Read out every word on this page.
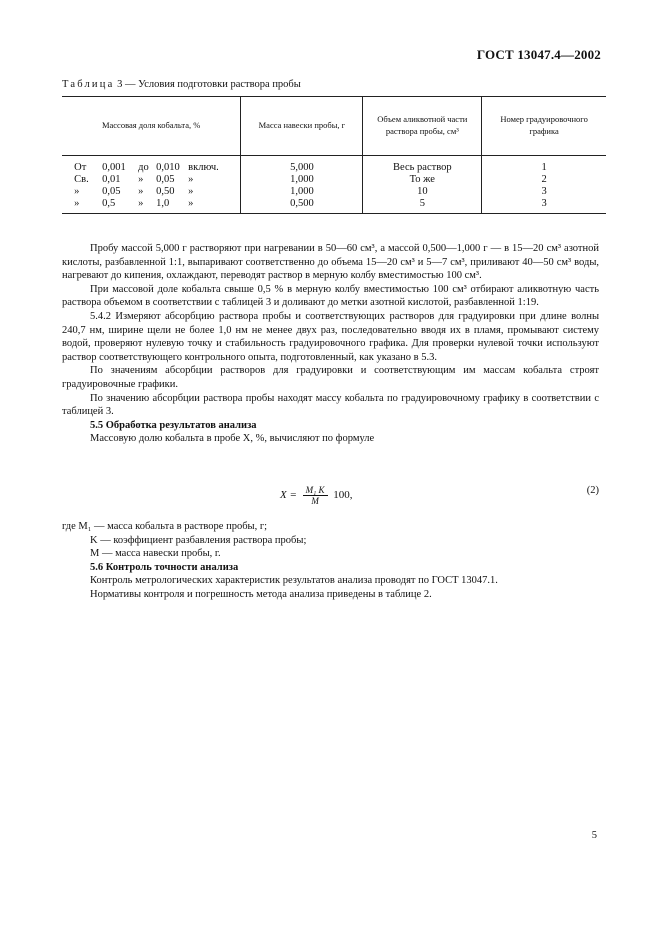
ГОСТ 13047.4—2002
Таблица 3 — Условия подготовки раствора пробы
Массовая доля кобальта, %	Масса навески пробы, г	Объем аликвотной части раствора пробы, см³	Номер градуировочного графика

От 0,001 до 0,010 включ.	5,000	Весь раствор	1

Св. 0,01 » 0,05 »	1,000	То же	2

» 0,05 » 0,50 »	1,000	10	3

» 0,5 » 1,0 »	0,500	5	3

Пробу массой 5,000 г растворяют при нагревании в 50—60 см³, а массой 0,500—1,000 г — в 15—20 см³ азотной кислоты, разбавленной 1:1, выпаривают соответственно до объема 15—20 см³ и 5—7 см³, приливают 40—50 см³ воды, нагревают до кипения, охлаждают, переводят раствор в мерную колбу вместимостью 100 см³.

При массовой доле кобальта свыше 0,5 % в мерную колбу вместимостью 100 см³ отбирают аликвотную часть раствора объемом в соответствии с таблицей 3 и доливают до метки азотной кислотой, разбавленной 1:19.

5.4.2 Измеряют абсорбцию раствора пробы и соответствующих растворов для градуировки при длине волны 240,7 нм, ширине щели не более 1,0 нм не менее двух раз, последовательно вводя их в пламя, промывают систему водой, проверяют нулевую точку и стабильность градуировочного графика. Для проверки нулевой точки используют раствор соответствующего контрольного опыта, подготовленный, как указано в 5.3.

По значениям абсорбции растворов для градуировки и соответствующим им массам кобальта строят градуировочные графики.

По значению абсорбции раствора пробы находят массу кобальта по градуировочному графику в соответствии с таблицей 3.

5.5 Обработка результатов анализа

Массовую долю кобальта в пробе X, %, вычисляют по формуле

$X = \frac{\text{M₁ K}}{M} 100$,	(2)

где M₁ — масса кобальта в растворе пробы, г;

K — коэффициент разбавления раствора пробы;

M — масса навески пробы, г.

5.6 Контроль точности анализа

Контроль метрологических характеристик результатов анализа проводят по ГОСТ 13047.1.

Нормативы контроля и погрешность метода анализа приведены в таблице 2.

5
